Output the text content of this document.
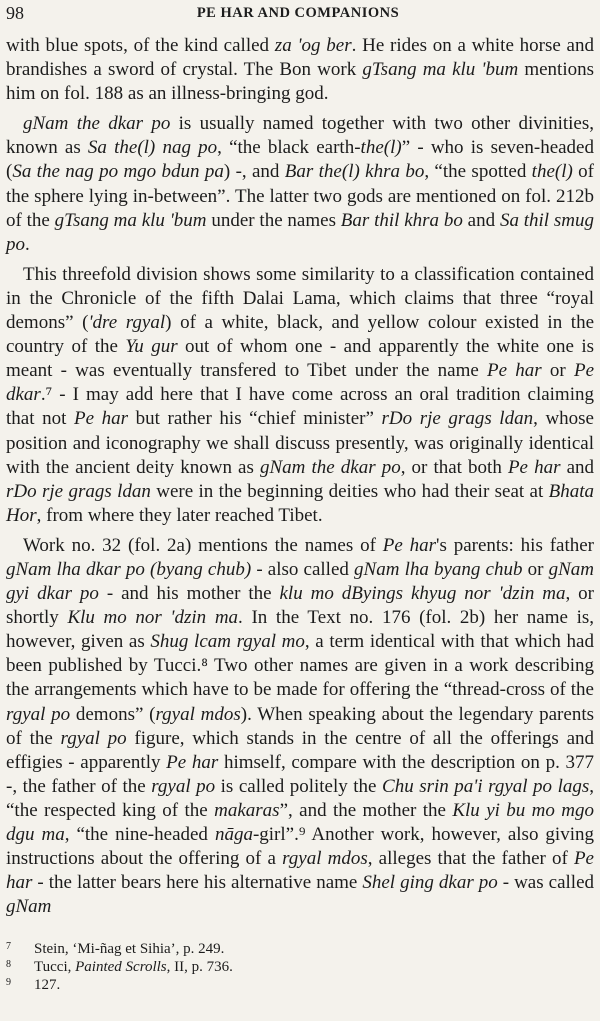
98	PE HAR AND COMPANIONS

with blue spots, of the kind called za 'og ber. He rides on a white horse and brandishes a sword of crystal. The Bon work gTsang ma klu 'bum mentions him on fol. 188 as an illness-bringing god.

gNam the dkar po is usually named together with two other divinities, known as Sa the(l) nag po, “the black earth-the(l)” - who is seven-headed (Sa the nag po mgo bdun pa) -, and Bar the(l) khra bo, “the spotted the(l) of the sphere lying in-between”. The latter two gods are mentioned on fol. 212b of the gTsang ma klu 'bum under the names Bar thil khra bo and Sa thil smug po.

This threefold division shows some similarity to a classification contained in the Chronicle of the fifth Dalai Lama, which claims that three “royal demons” ('dre rgyal) of a white, black, and yellow colour existed in the country of the Yu gur out of whom one - and apparently the white one is meant - was eventually transfered to Tibet under the name Pe har or Pe dkar.⁷ - I may add here that I have come across an oral tradition claiming that not Pe har but rather his “chief minister” rDo rje grags ldan, whose position and iconography we shall discuss presently, was originally identical with the ancient deity known as gNam the dkar po, or that both Pe har and rDo rje grags ldan were in the beginning deities who had their seat at Bhata Hor, from where they later reached Tibet.

Work no. 32 (fol. 2a) mentions the names of Pe har's parents: his father gNam lha dkar po (byang chub) - also called gNam lha byang chub or gNam gyi dkar po - and his mother the klu mo dByings khyug nor 'dzin ma, or shortly Klu mo nor 'dzin ma. In the Text no. 176 (fol. 2b) her name is, however, given as Shug lcam rgyal mo, a term identical with that which had been published by Tucci.⁸ Two other names are given in a work describing the arrangements which have to be made for offering the “thread-cross of the rgyal po demons” (rgyal mdos). When speaking about the legendary parents of the rgyal po figure, which stands in the centre of all the offerings and effigies - apparently Pe har himself, compare with the description on p. 377 -, the father of the rgyal po is called politely the Chu srin pa'i rgyal po lags, “the respected king of the makaras”, and the mother the Klu yi bu mo mgo dgu ma, “the nine-headed nāga-girl”.⁹ Another work, however, also giving instructions about the offering of a rgyal mdos, alleges that the father of Pe har - the latter bears here his alternative name Shel ging dkar po - was called gNam

7	Stein, ‘Mi-ñag et Sihia’, p. 249.
8	Tucci, Painted Scrolls, II, p. 736.
9	127.
